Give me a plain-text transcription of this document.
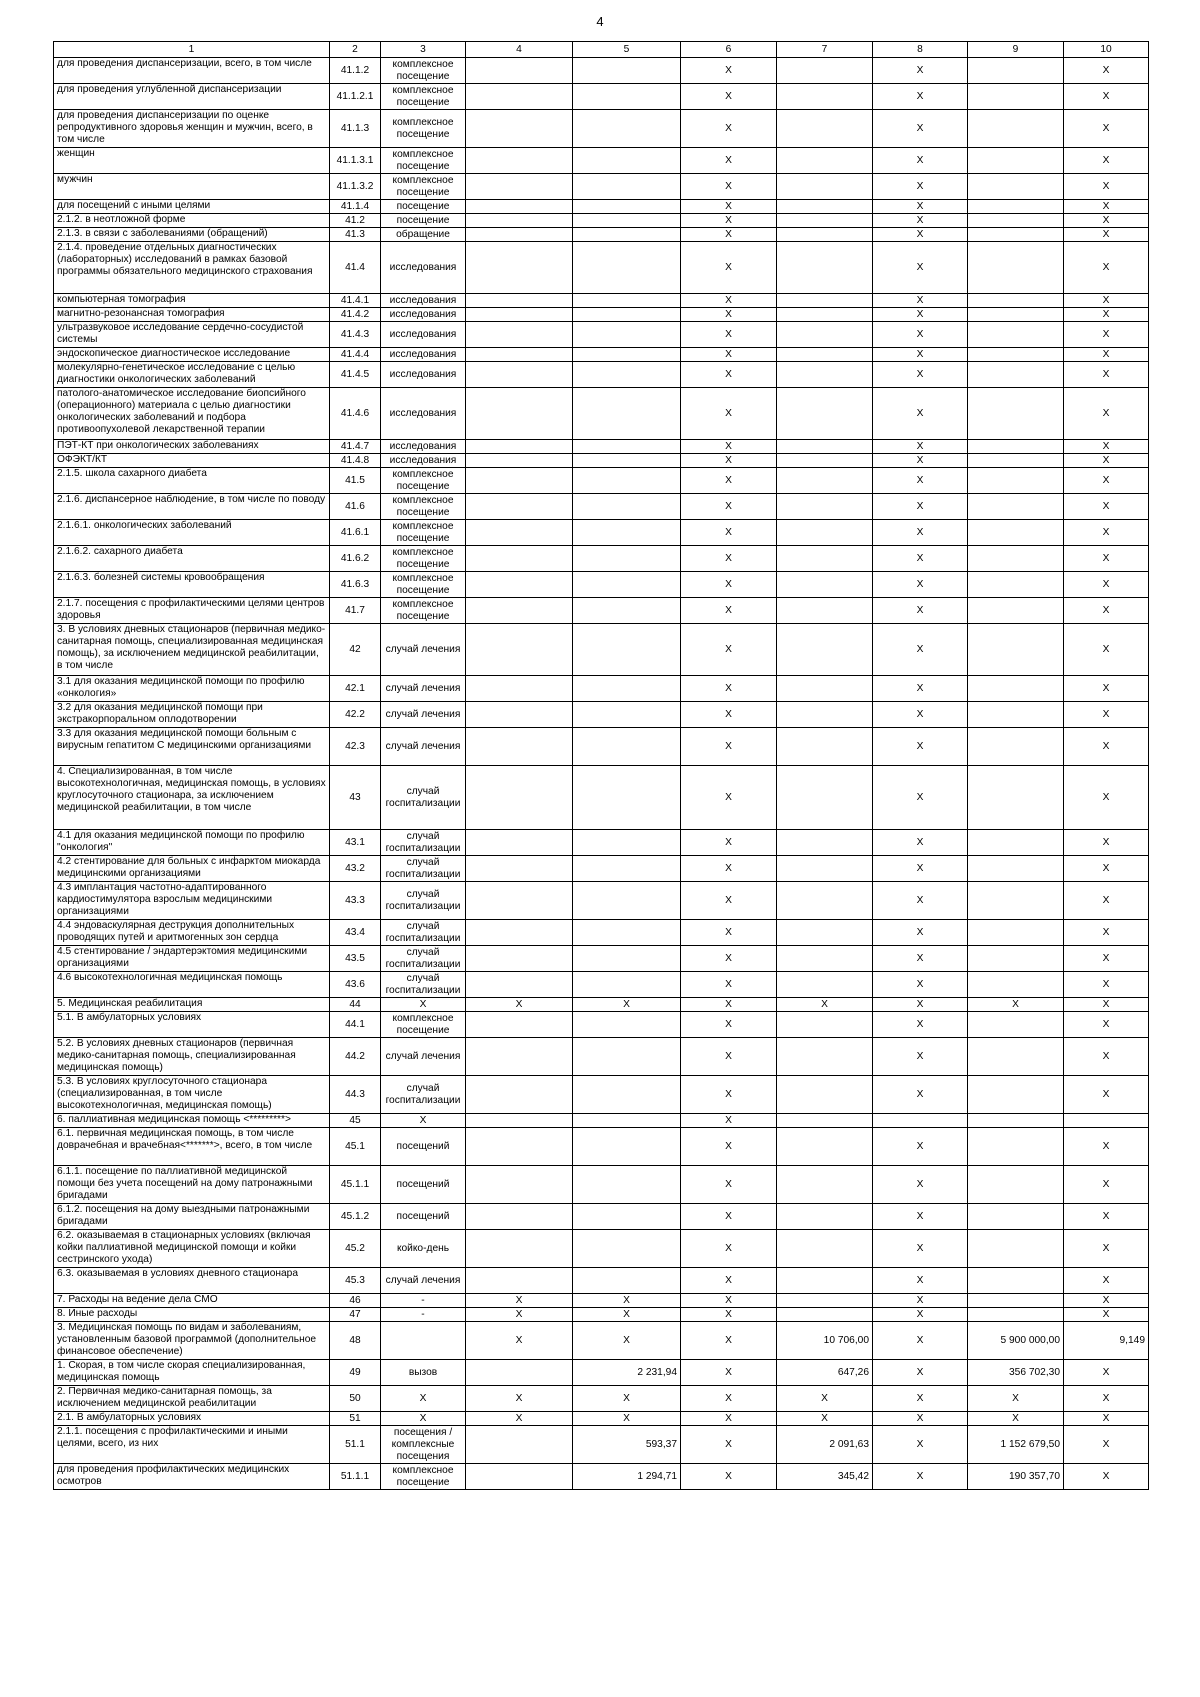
4
1	2	3	4	5	6	7	8	9	10
для проведения диспансеризации, всего, в том числе	41.1.2	комплексное посещение			X		X		X
для проведения углубленной диспансеризации	41.1.2.1	комплексное посещение			X		X		X
для проведения диспансеризации по оценке репродуктивного здоровья женщин и мужчин, всего, в том числе	41.1.3	комплексное посещение			X		X		X
женщин	41.1.3.1	комплексное посещение			X		X		X
мужчин	41.1.3.2	комплексное посещение			X		X		X
для посещений с иными целями	41.1.4	посещение			X		X		X
2.1.2. в неотложной форме	41.2	посещение			X		X		X
2.1.3. в связи с заболеваниями (обращений)	41.3	обращение			X		X		X
2.1.4. проведение отдельных диагностических (лабораторных) исследований в рамках базовой программы обязательного медицинского страхования	41.4	исследования			X		X		X
компьютерная томография	41.4.1	исследования			X		X		X
магнитно-резонансная томография	41.4.2	исследования			X		X		X
ультразвуковое исследование сердечно-сосудистой системы	41.4.3	исследования			X		X		X
эндоскопическое диагностическое исследование	41.4.4	исследования			X		X		X
молекулярно-генетическое исследование с целью диагностики онкологических заболеваний	41.4.5	исследования			X		X		X
патолого-анатомическое исследование биопсийного (операционного) материала с целью диагностики онкологических заболеваний и подбора противоопухолевой лекарственной терапии	41.4.6	исследования			X		X		X
ПЭТ-КТ при онкологических заболеваниях	41.4.7	исследования			X		X		X
ОФЭКТ/КТ	41.4.8	исследования			X		X		X
2.1.5. школа сахарного диабета	41.5	комплексное посещение			X		X		X
2.1.6. диспансерное наблюдение, в том числе по поводу	41.6	комплексное посещение			X		X		X
2.1.6.1. онкологических заболеваний	41.6.1	комплексное посещение			X		X		X
2.1.6.2. сахарного диабета	41.6.2	комплексное посещение			X		X		X
2.1.6.3. болезней системы кровообращения	41.6.3	комплексное посещение			X		X		X
2.1.7. посещения с профилактическими целями центров здоровья	41.7	комплексное посещение			X		X		X
3. В условиях дневных стационаров (первичная медико-санитарная помощь, специализированная медицинская помощь), за исключением медицинской реабилитации, в том числе	42	случай лечения			X		X		X
3.1 для оказания медицинской помощи по профилю «онкология»	42.1	случай лечения			X		X		X
3.2 для оказания медицинской помощи при экстракорпоральном оплодотворении	42.2	случай лечения			X		X		X
3.3 для оказания медицинской помощи больным с вирусным гепатитом С медицинскими организациями	42.3	случай лечения			X		X		X
4. Специализированная, в том числе высокотехнологичная, медицинская помощь, в условиях круглосуточного стационара, за исключением медицинской реабилитации, в том числе	43	случай госпитализации			X		X		X
4.1 для оказания медицинской помощи по профилю "онкология"	43.1	случай госпитализации			X		X		X
4.2 стентирование для больных с инфарктом миокарда медицинскими организациями	43.2	случай госпитализации			X		X		X
4.3 имплантация частотно-адаптированного кардиостимулятора взрослым медицинскими организациями	43.3	случай госпитализации			X		X		X
4.4 эндоваскулярная деструкция дополнительных проводящих путей и аритмогенных зон сердца	43.4	случай госпитализации			X		X		X
4.5 стентирование / эндартерэктомия медицинскими организациями	43.5	случай госпитализации			X		X		X
4.6 высокотехнологичная медицинская помощь	43.6	случай госпитализации			X		X		X
5. Медицинская реабилитация	44	X	X	X	X	X	X	X	X
5.1. В амбулаторных условиях	44.1	комплексное посещение			X		X		X
5.2. В условиях дневных стационаров (первичная медико-санитарная помощь, специализированная медицинская помощь)	44.2	случай лечения			X		X		X
5.3. В условиях круглосуточного стационара (специализированная, в том числе высокотехнологичная, медицинская помощь)	44.3	случай госпитализации			X		X		X
6. паллиативная медицинская помощь <*********>	45	X			X				
6.1. первичная медицинская помощь, в том числе доврачебная и врачебная<*******>, всего, в том числе	45.1	посещений			X		X		X
6.1.1. посещение по паллиативной медицинской помощи без учета посещений на дому патронажными бригадами	45.1.1	посещений			X		X		X
6.1.2. посещения на дому выездными патронажными бригадами	45.1.2	посещений			X		X		X
6.2. оказываемая в стационарных условиях (включая койки паллиативной медицинской помощи и койки сестринского ухода)	45.2	койко-день			X		X		X
6.3. оказываемая в условиях дневного стационара	45.3	случай лечения			X		X		X
7. Расходы на ведение дела СМО	46	-	X	X	X		X		X
8. Иные расходы	47	-	X	X	X		X		X
3. Медицинская помощь по видам и заболеваниям, установленным базовой программой (дополнительное финансовое обеспечение)	48		X	X	X	10 706,00	X	5 900 000,00	9,149
1. Скорая, в том числе скорая специализированная, медицинская помощь	49	вызов		2 231,94	X	647,26	X	356 702,30	X
2. Первичная медико-санитарная помощь, за исключением медицинской реабилитации	50	X	X	X	X	X	X	X	X
2.1. В амбулаторных условиях	51	X	X	X	X	X	X	X	X
2.1.1. посещения с профилактическими и иными целями, всего, из них	51.1	посещения / комплексные посещения		593,37	X	2 091,63	X	1 152 679,50	X
для проведения профилактических медицинских осмотров	51.1.1	комплексное посещение		1 294,71	X	345,42	X	190 357,70	X
